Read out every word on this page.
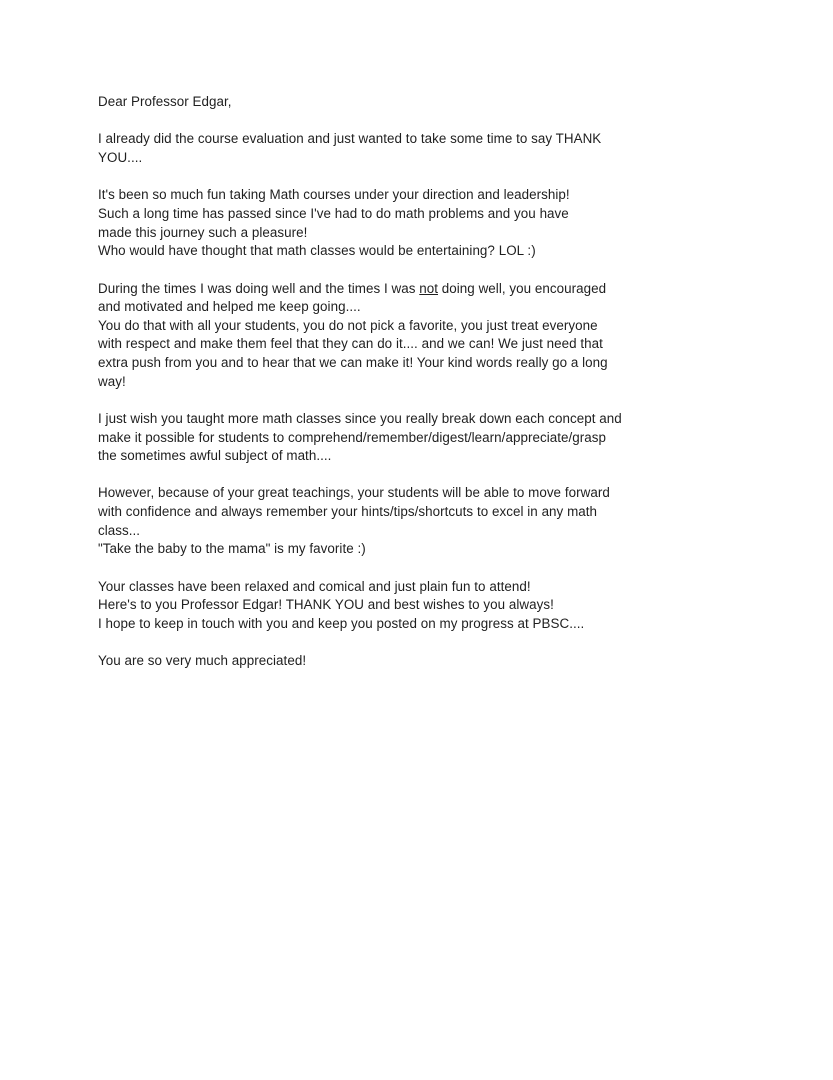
Dear Professor Edgar,
I already did the course evaluation and just wanted to take some time to say THANK
YOU....
It's been so much fun taking Math courses under your direction and leadership!
Such a long time has passed since I've had to do math problems and you have
made this journey such a pleasure!
Who would have thought that math classes would be entertaining? LOL :)
During the times I was doing well and the times I was not doing well, you encouraged
and motivated and helped me keep going....
You do that with all your students, you do not pick a favorite, you just treat everyone
with respect and make them feel that they can do it.... and we can! We just need that
extra push from you and to hear that we can make it! Your kind words really go a long
way!
I just wish you taught more math classes since you really break down each concept and
make it possible for students to comprehend/remember/digest/learn/appreciate/grasp
the sometimes awful subject of math....
However, because of your great teachings, your students will be able to move forward
with confidence and always remember your hints/tips/shortcuts to excel in any math
class...
"Take the baby to the mama" is my favorite :)
Your classes have been relaxed and comical and just plain fun to attend!
Here's to you Professor Edgar! THANK YOU and best wishes to you always!
I hope to keep in touch with you and keep you posted on my progress at PBSC....
You are so very much appreciated!
